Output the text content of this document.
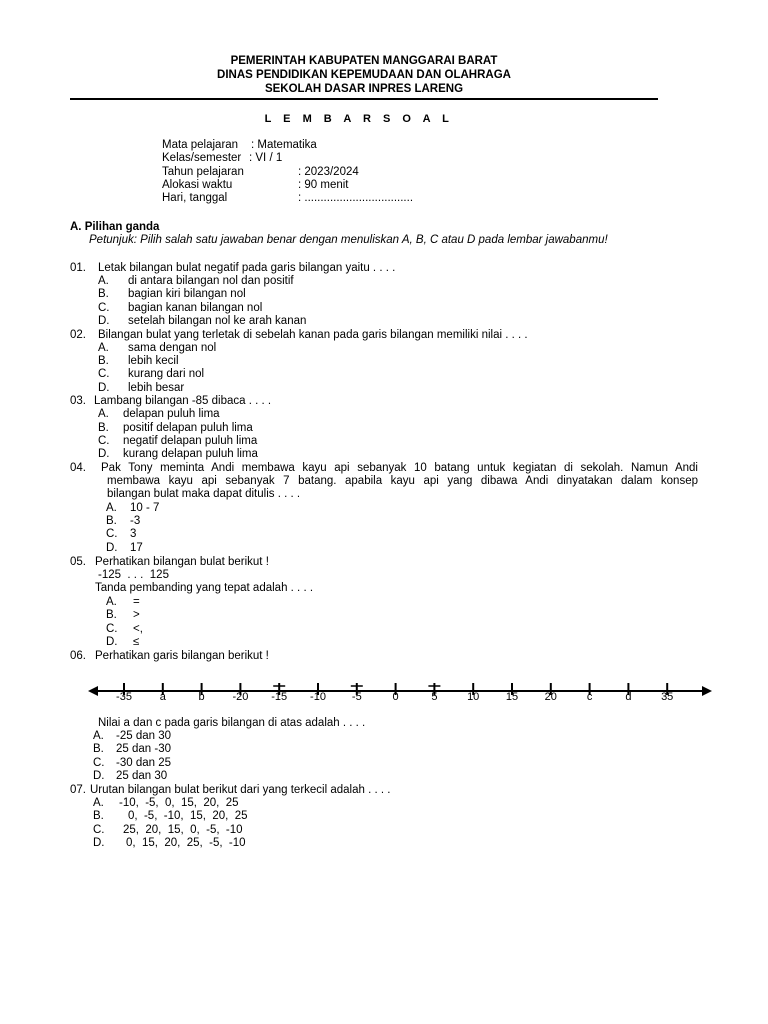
PEMERINTAH KABUPATEN MANGGARAI BARAT
DINAS PENDIDIKAN KEPEMUDAAN DAN OLAHRAGA
SEKOLAH DASAR INPRES LARENG
L E M B A R S O A L
Mata pelajaran : Matematika
Kelas/semester : VI / 1
Tahun pelajaran	: 2023/2024
Alokasi waktu	: 90 menit
Hari, tanggal	: ..................................
A. Pilihan ganda
Petunjuk: Pilih salah satu jawaban benar dengan menuliskan A, B, C atau D pada lembar jawabanmu!
01. Letak bilangan bulat negatif pada garis bilangan yaitu . . . .
A. di antara bilangan nol dan positif
B. bagian kiri bilangan nol
C. bagian kanan bilangan nol
D. setelah bilangan nol ke arah kanan
02. Bilangan bulat yang terletak di sebelah kanan pada garis bilangan memiliki nilai . . . .
A. sama dengan nol
B. lebih kecil
C. kurang dari nol
D. lebih besar
03. Lambang bilangan -85 dibaca . . . .
A. delapan puluh lima
B. positif delapan puluh lima
C. negatif delapan puluh lima
D. kurang delapan puluh lima
04. Pak Tony meminta Andi membawa kayu api sebanyak 10 batang untuk kegiatan di sekolah. Namun Andi
membawa kayu api sebanyak 7 batang. apabila kayu api yang dibawa Andi dinyatakan dalam konsep
bilangan bulat maka dapat ditulis . . . .
A. 10 - 7
B. -3
C. 3
D. 17
05. Perhatikan bilangan bulat berikut !
-125  . . .  125
Tanda pembanding yang tepat adalah . . . .
A. =
B. >
C. <,
D. ≤
06. Perhatikan garis bilangan berikut !
-35	a	b	-20 -15 -10 -5	0	5	10 15 20	c	d	35
Nilai a dan c pada garis bilangan di atas adalah . . . .
A. -25 dan 30
B. 25 dan -30
C. -30 dan 25
D. 25 dan 30
07. Urutan bilangan bulat berikut dari yang terkecil adalah . . . .
A. -10,  -5,  0,  15,  20,  25
B. 0,  -5,  -10,  15,  20,  25
C. 25,  20,  15,  0,  -5,  -10
D. 0,  15,  20,  25,  -5,  -10
